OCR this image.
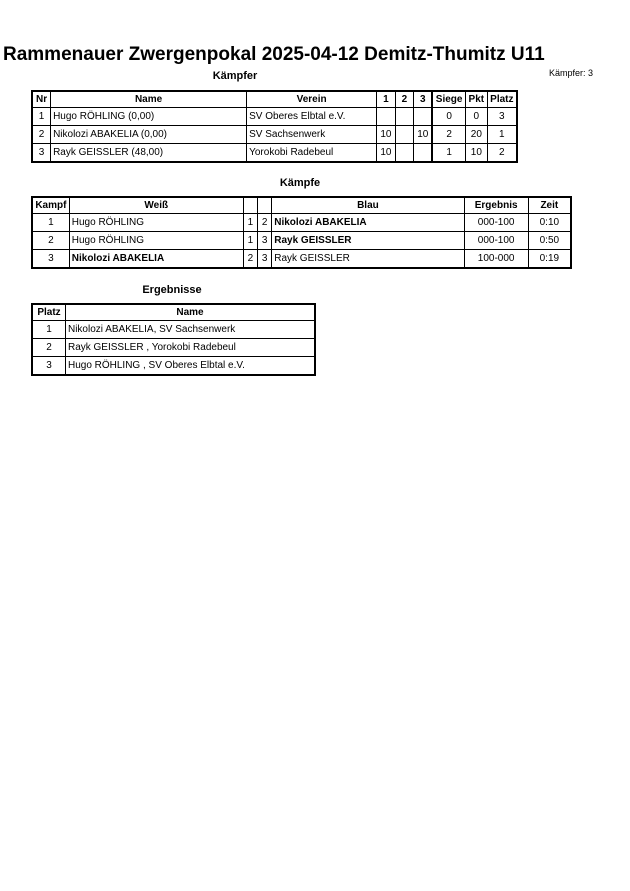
Rammenauer Zwergenpokal 2025-04-12 Demitz-Thumitz U11
Kämpfer: 3
Kämpfer
Nr	Name	Verein	1	2	3	Siege	Pkt	Platz
1	Hugo RÖHLING (0,00)	SV Oberes Elbtal e.V.				0	0	3
2	Nikolozi ABAKELIA (0,00)	SV Sachsenwerk	10		10	2	20	1
3	Rayk GEISSLER (48,00)	Yorokobi Radebeul	10			1	10	2
Kämpfe
Kampf	Weiß			Blau	Ergebnis	Zeit
1	Hugo RÖHLING	1	2	Nikolozi ABAKELIA	000-100	0:10
2	Hugo RÖHLING	1	3	Rayk GEISSLER	000-100	0:50
3	Nikolozi ABAKELIA	2	3	Rayk GEISSLER	100-000	0:19
Ergebnisse
Platz	Name
1	Nikolozi ABAKELIA, SV Sachsenwerk
2	Rayk GEISSLER , Yorokobi Radebeul
3	Hugo RÖHLING , SV Oberes Elbtal e.V.
